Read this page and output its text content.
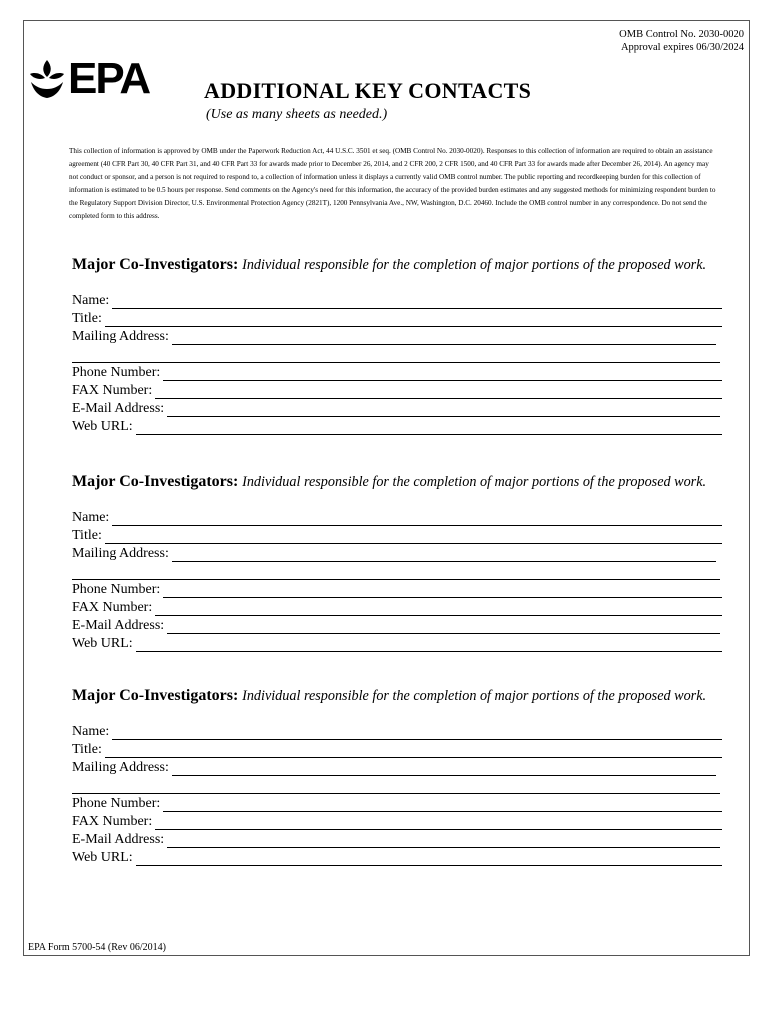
OMB Control No. 2030-0020
Approval expires 06/30/2024
EPA ADDITIONAL KEY CONTACTS
(Use as many sheets as needed.)
This collection of information is approved by OMB under the Paperwork Reduction Act, 44 U.S.C. 3501 et seq. (OMB Control No. 2030-0020). Responses to this collection of information are required to obtain an assistance agreement (40 CFR Part 30, 40 CFR Part 31, and 40 CFR Part 33 for awards made prior to December 26, 2014, and 2 CFR 200, 2 CFR 1500, and 40 CFR Part 33 for awards made after December 26, 2014). An agency may not conduct or sponsor, and a person is not required to respond to, a collection of information unless it displays a currently valid OMB control number. The public reporting and recordkeeping burden for this collection of information is estimated to be 0.5 hours per response. Send comments on the Agency's need for this information, the accuracy of the provided burden estimates and any suggested methods for minimizing respondent burden to the Regulatory Support Division Director, U.S. Environmental Protection Agency (2821T), 1200 Pennsylvania Ave., NW, Washington, D.C. 20460. Include the OMB control number in any correspondence. Do not send the completed form to this address.
Major Co-Investigators: Individual responsible for the completion of major portions of the proposed work.
Name:
Title:
Mailing Address:
Phone Number:
FAX Number:
E-Mail Address:
Web URL:
Major Co-Investigators: Individual responsible for the completion of major portions of the proposed work.
Name:
Title:
Mailing Address:
Phone Number:
FAX Number:
E-Mail Address:
Web URL:
Major Co-Investigators: Individual responsible for the completion of major portions of the proposed work.
Name:
Title:
Mailing Address:
Phone Number:
FAX Number:
E-Mail Address:
Web URL:
EPA Form 5700-54 (Rev 06/2014)
